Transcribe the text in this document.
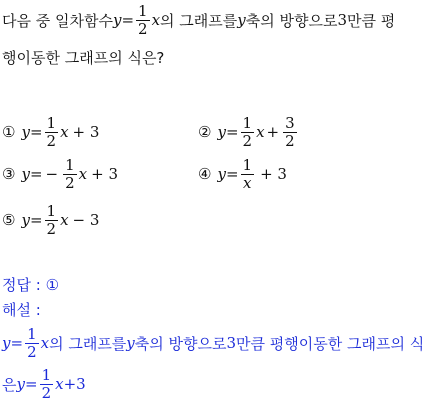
다음 중 일차함수 $y = \frac{1}{2}$ x 의 그래프를 y 축의 방향으로 3 만큼 평
행이동한 그래프의 식은?
① $y = \frac{1}{2}$ x + 3	② $y = \frac{1}{2}$ $x + \frac{3}{2}$
③ y = − $\frac{1}{2}$ x + 3	④ $y = \frac{1}{x} + 3$
⑤ $y = \frac{1}{2}$ x − 3
정답 : ①
해설 :
$y = \frac{1}{2}$ x 의 그래프를 y 축의 방향으로 3 만큼 평행이동한 그래프의 식
은 $y = \frac{1}{2}$ x +3
